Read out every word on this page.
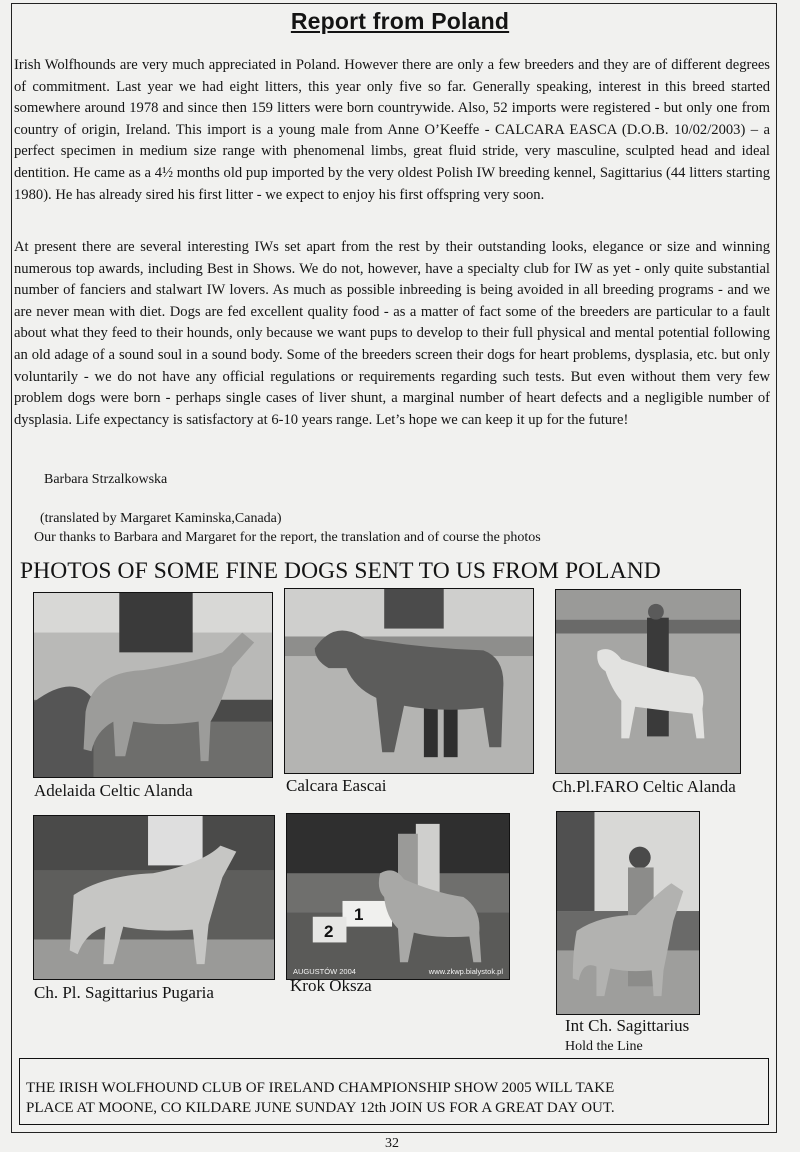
Report from Poland

Irish Wolfhounds are very much appreciated in Poland. However there are only a few breeders and they are of different degrees of commitment. Last year we had eight litters, this year only five so far. Generally speaking, interest in this breed started somewhere around 1978 and since then 159 litters were born countrywide. Also, 52 imports were registered - but only one from country of origin, Ireland. This import is a young male from Anne O’Keeffe - CALCARA EASCA (D.O.B. 10/02/2003) – a perfect specimen in medium size range with phenomenal limbs, great fluid stride, very masculine, sculpted head and ideal dentition. He came as a 4½ months old pup imported by the very oldest Polish IW breeding kennel, Sagittarius (44 litters starting 1980). He has already sired his first litter - we expect to enjoy his first offspring very soon.

At present there are several interesting IWs set apart from the rest by their outstanding looks, elegance or size and winning numerous top awards, including Best in Shows. We do not, however, have a specialty club for IW as yet - only quite substantial number of fanciers and stalwart IW lovers. As much as possible inbreeding is being avoided in all breeding programs - and we are never mean with diet. Dogs are fed excellent quality food - as a matter of fact some of the breeders are particular to a fault about what they feed to their hounds, only because we want pups to develop to their full physical and mental potential following an old adage of a sound soul in a sound body. Some of the breeders screen their dogs for heart problems, dysplasia, etc. but only voluntarily - we do not have any official regulations or requirements regarding such tests. But even without them very few problem dogs were born - perhaps single cases of liver shunt, a marginal number of heart defects and a negligible number of dysplasia. Life expectancy is satisfactory at 6-10 years range. Let’s hope we can keep it up for the future!

Barbara Strzalkowska

(translated by Margaret Kaminska,Canada)

Our thanks to Barbara and Margaret for the report, the translation and of course the photos

PHOTOS OF SOME FINE DOGS SENT TO US FROM POLAND

Adelaida Celtic Alanda	Calcara Eascai	Ch.Pl.FARO Celtic Alanda

Ch. Pl. Sagittarius Pugaria

1
2
AUGUSTÓW 2004	www.zkwp.bialystok.pl

Krok Oksza

Int Ch. Sagittarius

Hold the Line

THE IRISH WOLFHOUND CLUB OF IRELAND CHAMPIONSHIP SHOW 2005 WILL TAKE
PLACE AT MOONE, CO KILDARE JUNE SUNDAY 12th JOIN US FOR A GREAT DAY OUT.

32
